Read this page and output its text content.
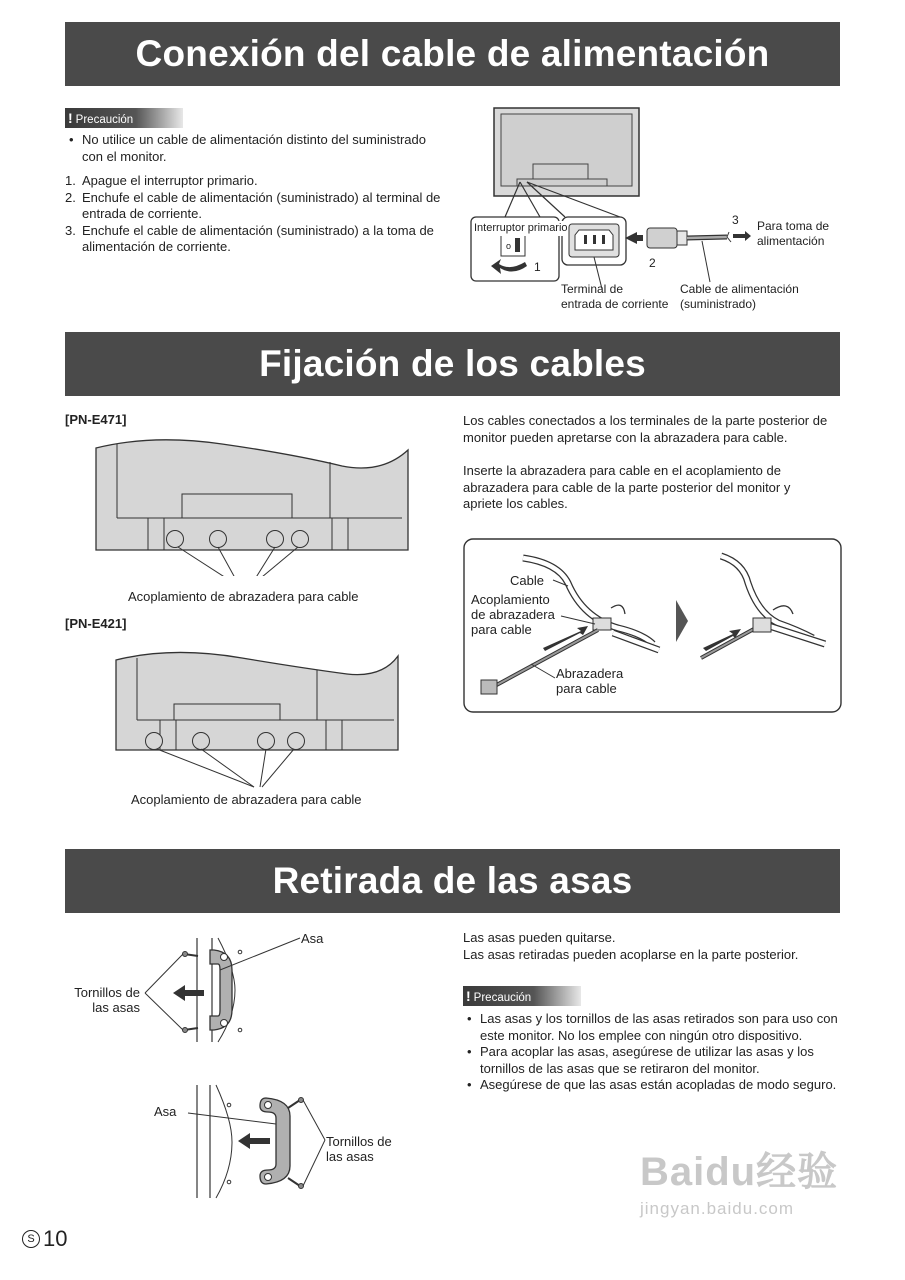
Conexión del cable de alimentación
! Precaución
• No utilice un cable de alimentación distinto del suministrado con el monitor.
1. Apague el interruptor primario.
2. Enchufe el cable de alimentación (suministrado) al terminal de entrada de corriente.
3. Enchufe el cable de alimentación (suministrado) a la toma de alimentación de corriente.	o
1	2
3
Interruptor primario	Para toma de
alimentación
Terminal de
entrada de corriente
Cable de alimentación
(suministrado)
Fijación de los cables
[PN-E471]
Acoplamiento de abrazadera para cable
[PN-E421]
Acoplamiento de abrazadera para cable
Los cables conectados a los terminales de la parte posterior de monitor pueden apretarse con la abrazadera para cable.
Inserte la abrazadera para cable en el acoplamiento de abrazadera para cable de la parte posterior del monitor y apriete los cables.
Cable
Acoplamiento
de abrazadera
para cable
Abrazadera
para cable
Retirada de las asas
Asa
Tornillos de
las asas
Asa
Tornillos de
las asas
Las asas pueden quitarse.
Las asas retiradas pueden acoplarse en la parte posterior.
! Precaución
• Las asas y los tornillos de las asas retirados son para uso con este monitor. No los emplee con ningún otro dispositivo.
• Para acoplar las asas, asegúrese de utilizar las asas y los tornillos de las asas que se retiraron del monitor.
• Asegúrese de que las asas están acopladas de modo seguro.
S 10
Baidu经验
jingyan.baidu.com
